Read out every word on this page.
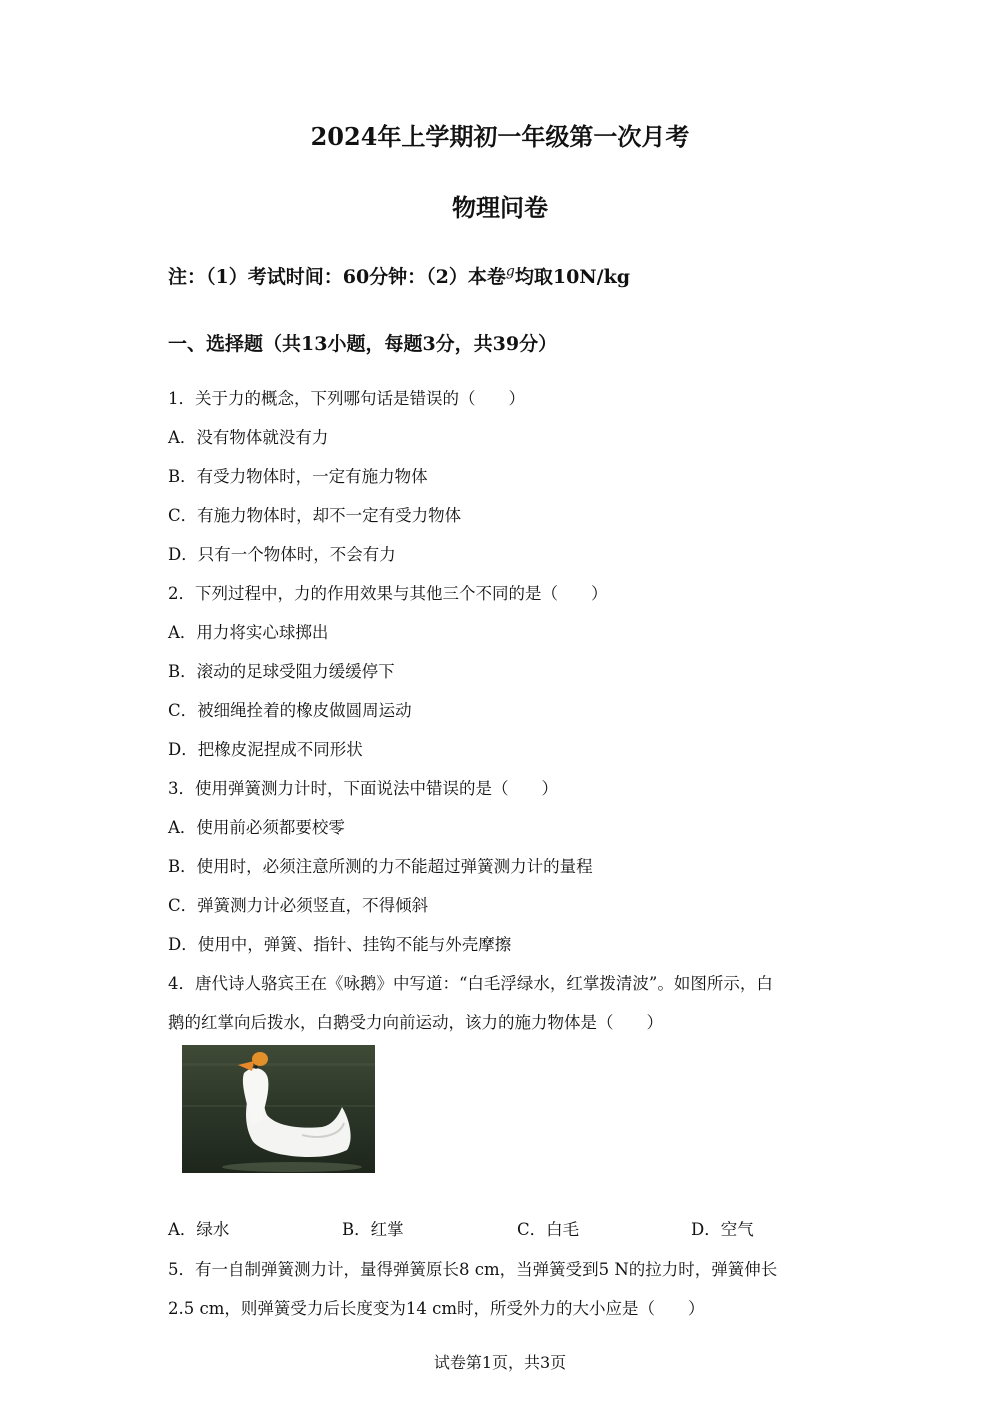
2024年上学期初一年级第一次月考
物理问卷
注：（1）考试时间：60分钟：（2）本卷$^g$均取10N/kg
一、选择题（共13小题，每题3分，共39分）
1．关于力的概念，下列哪句话是错误的（　　）
A．没有物体就没有力
B．有受力物体时，一定有施力物体
C．有施力物体时，却不一定有受力物体
D．只有一个物体时，不会有力
2．下列过程中，力的作用效果与其他三个不同的是（　　）
A．用力将实心球掷出
B．滚动的足球受阻力缓缓停下
C．被细绳拴着的橡皮做圆周运动
D．把橡皮泥捏成不同形状
3．使用弹簧测力计时，下面说法中错误的是（　　）
A．使用前必须都要校零
B．使用时，必须注意所测的力不能超过弹簧测力计的量程
C．弹簧测力计必须竖直，不得倾斜
D．使用中，弹簧、指针、挂钩不能与外壳摩擦
4．唐代诗人骆宾王在《咏鹅》中写道：“白毛浮绿水，红掌拨清波”。如图所示，白
鹅的红掌向后拨水，白鹅受力向前运动，该力的施力物体是（　　）
A．绿水	B．红掌	C．白毛	D．空气
5．有一自制弹簧测力计，量得弹簧原长8 cm，当弹簧受到5 N的拉力时，弹簧伸长
2.5 cm，则弹簧受力后长度变为14 cm时，所受外力的大小应是（　　）
试卷第1页，共3页
